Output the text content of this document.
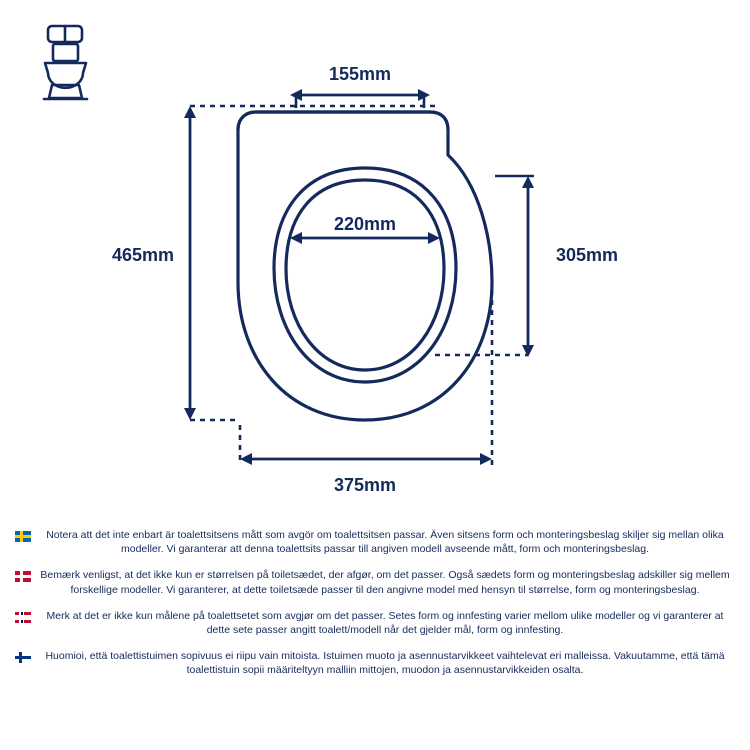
155mm
465mm
220mm
305mm
375mm
Notera att det inte enbart är toalettsitsens mått som avgör om toalettsitsen passar. Även sitsens form och monteringsbeslag skiljer sig mellan olika modeller. Vi garanterar att denna toalettsits passar till angiven modell avseende mått, form och monteringsbeslag.
Bemærk venligst, at det ikke kun er størrelsen på toiletsædet, der afgør, om det passer. Også sædets form og monteringsbeslag adskiller sig mellem forskellige modeller. Vi garanterer, at dette toiletsæde passer til den angivne model med hensyn til størrelse, form og monteringsbeslag.
Merk at det er ikke kun målene på toalettsetet som avgjør om det passer. Setes form og innfesting varier mellom ulike modeller og vi garanterer at dette sete passer angitt toalett/modell når det gjelder mål, form og innfesting.
Huomioi, että toalettistuimen sopivuus ei riipu vain mitoista. Istuimen muoto ja asennustarvikkeet vaihtelevat eri malleissa. Vakuutamme, että tämä toalettistuin sopii määriteltyyn malliin mittojen, muodon ja asennustarvikkeiden osalta.
